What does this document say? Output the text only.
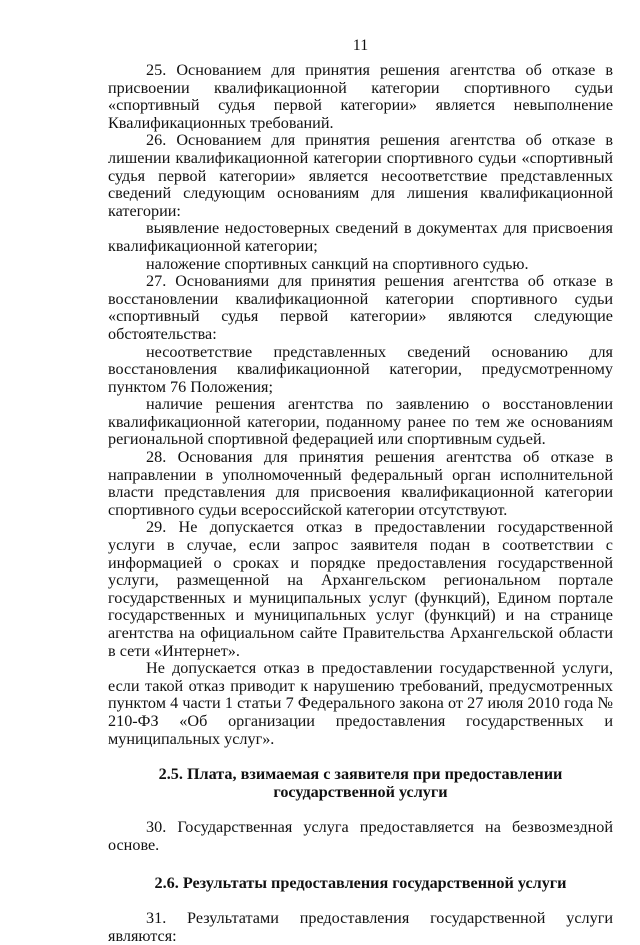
11

25. Основанием для принятия решения агентства об отказе в присвоении квалификационной категории спортивного судьи «спортивный судья первой категории» является невыполнение Квалификационных требований.

26. Основанием для принятия решения агентства об отказе в лишении квалификационной категории спортивного судьи «спортивный судья первой категории» является несоответствие представленных сведений следующим основаниям для лишения квалификационной категории:

выявление недостоверных сведений в документах для присвоения квалификационной категории;

наложение спортивных санкций на спортивного судью.

27. Основаниями для принятия решения агентства об отказе в восстановлении квалификационной категории спортивного судьи «спортивный судья первой категории» являются следующие обстоятельства:

несоответствие представленных сведений основанию для восстановления квалификационной категории, предусмотренному пунктом 76 Положения;

наличие решения агентства по заявлению о восстановлении квалификационной категории, поданному ранее по тем же основаниям региональной спортивной федерацией или спортивным судьей.

28. Основания для принятия решения агентства об отказе в направлении в уполномоченный федеральный орган исполнительной власти представления для присвоения квалификационной категории спортивного судьи всероссийской категории отсутствуют.

29. Не допускается отказ в предоставлении государственной услуги в случае, если запрос заявителя подан в соответствии с информацией о сроках и порядке предоставления государственной услуги, размещенной на Архангельском региональном портале государственных и муниципальных услуг (функций), Едином портале государственных и муниципальных услуг (функций) и на странице агентства на официальном сайте Правительства Архангельской области в сети «Интернет».

Не допускается отказ в предоставлении государственной услуги, если такой отказ приводит к нарушению требований, предусмотренных пунктом 4 части 1 статьи 7 Федерального закона от 27 июля 2010 года № 210-ФЗ «Об организации предоставления государственных и муниципальных услуг».

2.5. Плата, взимаемая с заявителя при предоставлении
государственной услуги

30. Государственная услуга предоставляется на безвозмездной основе.

2.6. Результаты предоставления государственной услуги

31. Результатами предоставления государственной услуги являются:
